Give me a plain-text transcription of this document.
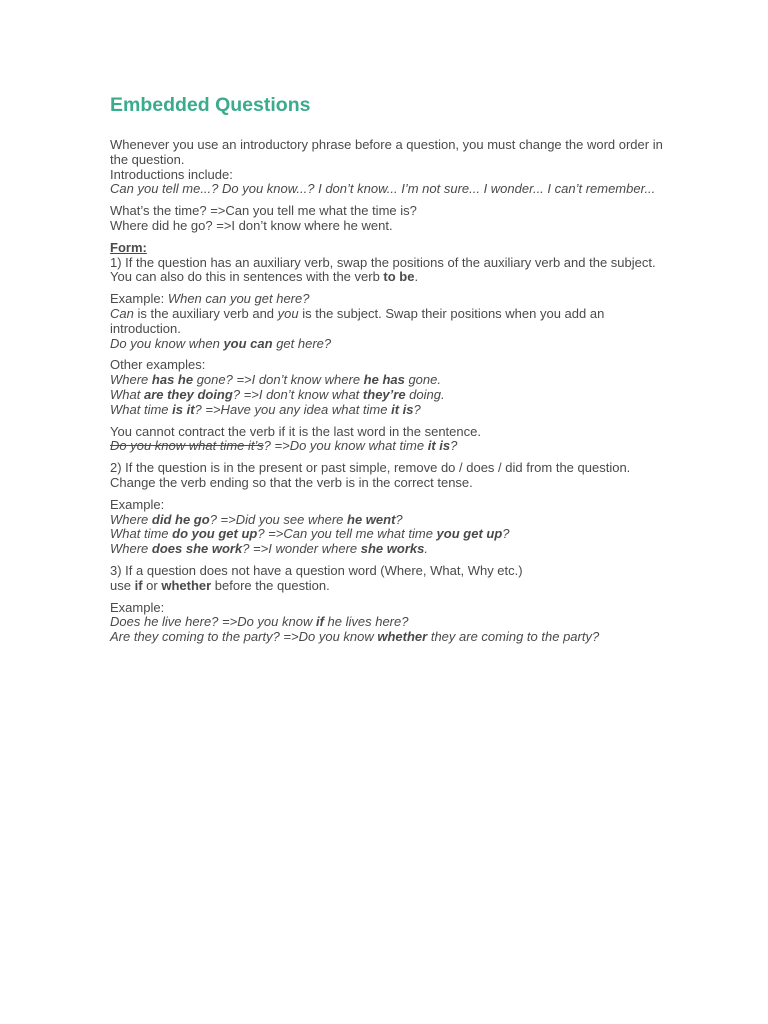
Embedded Questions

Whenever you use an introductory phrase before a question, you must change the word order in the question.
Introductions include:
Can you tell me...? Do you know...? I don’t know... I’m not sure... I wonder... I can’t remember...

What’s the time? =>Can you tell me what the time is?
Where did he go? =>I don’t know where he went.

Form:
1) If the question has an auxiliary verb, swap the positions of the auxiliary verb and the subject. You can also do this in sentences with the verb to be.

Example: When can you get here?
Can is the auxiliary verb and you is the subject. Swap their positions when you add an introduction.
Do you know when you can get here?

Other examples:
Where has he gone? =>I don’t know where he has gone.
What are they doing? =>I don’t know what they’re doing.
What time is it? =>Have you any idea what time it is?

You cannot contract the verb if it is the last word in the sentence.
Do you know what time it’s? =>Do you know what time it is?

2) If the question is in the present or past simple, remove do / does / did from the question. Change the verb ending so that the verb is in the correct tense.

Example:
Where did he go? =>Did you see where he went?
What time do you get up? =>Can you tell me what time you get up?
Where does she work? =>I wonder where she works.

3) If a question does not have a question word (Where, What, Why etc.)
use if or whether before the question.

Example:
Does he live here? =>Do you know if he lives here?
Are they coming to the party? =>Do you know whether they are coming to the party?
